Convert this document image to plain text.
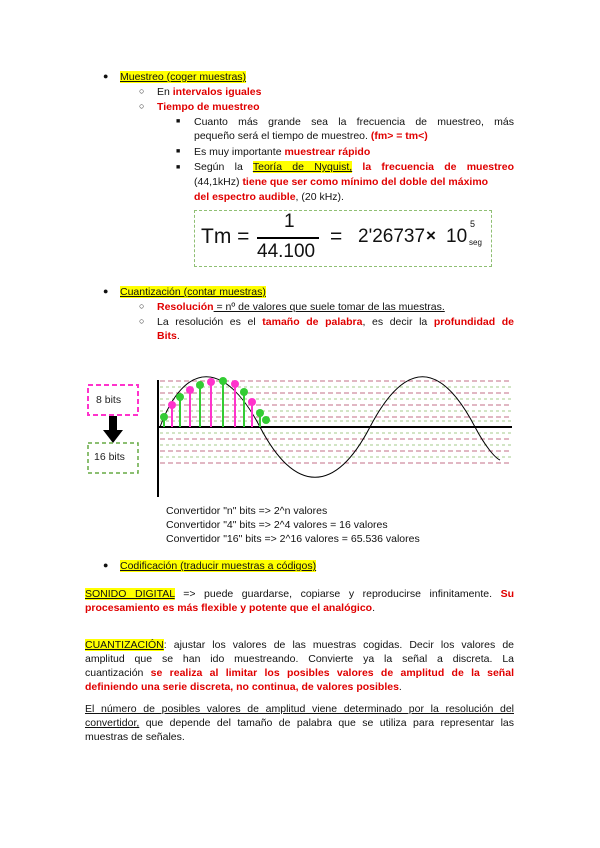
● Muestreo (coger muestras)
○ En intervalos iguales
○ Tiempo de muestreo
■ Cuanto más grande sea la frecuencia de muestreo, más
pequeño será el tiempo de muestreo. (fm> = tm<)
■ Es muy importante muestrear rápido
■ Según la Teoría de Nyquist, la frecuencia de muestreo
(44,1kHz) tiene que ser como mínimo del doble del máximo
del espectro audible, (20 kHz).
Tm =
1
44.100
= 2'26737 × 10
5
seg
● Cuantización (contar muestras)
○ Resolución = nº de valores que suele tomar de las muestras.
○ La resolución es el tamaño de palabra, es decir la profundidad de
Bits.
8 bits
16 bits
Convertidor "n" bits => 2^n valores
Convertidor "4" bits => 2^4 valores = 16 valores
Convertidor "16" bits => 2^16 valores = 65.536 valores
● Codificación (traducir muestras a códigos)
SONIDO DIGITAL => puede guardarse, copiarse y reproducirse infinitamente. Su
procesamiento es más flexible y potente que el analógico.
CUANTIZACIÓN: ajustar los valores de las muestras cogidas. Decir los valores de
amplitud que se han ido muestreando. Convierte ya la señal a discreta. La
cuantización se realiza al limitar los posibles valores de amplitud de la señal
definiendo una serie discreta, no continua, de valores posibles.
El número de posibles valores de amplitud viene determinado por la resolución del
convertidor, que depende del tamaño de palabra que se utiliza para representar las
muestras de señales.
